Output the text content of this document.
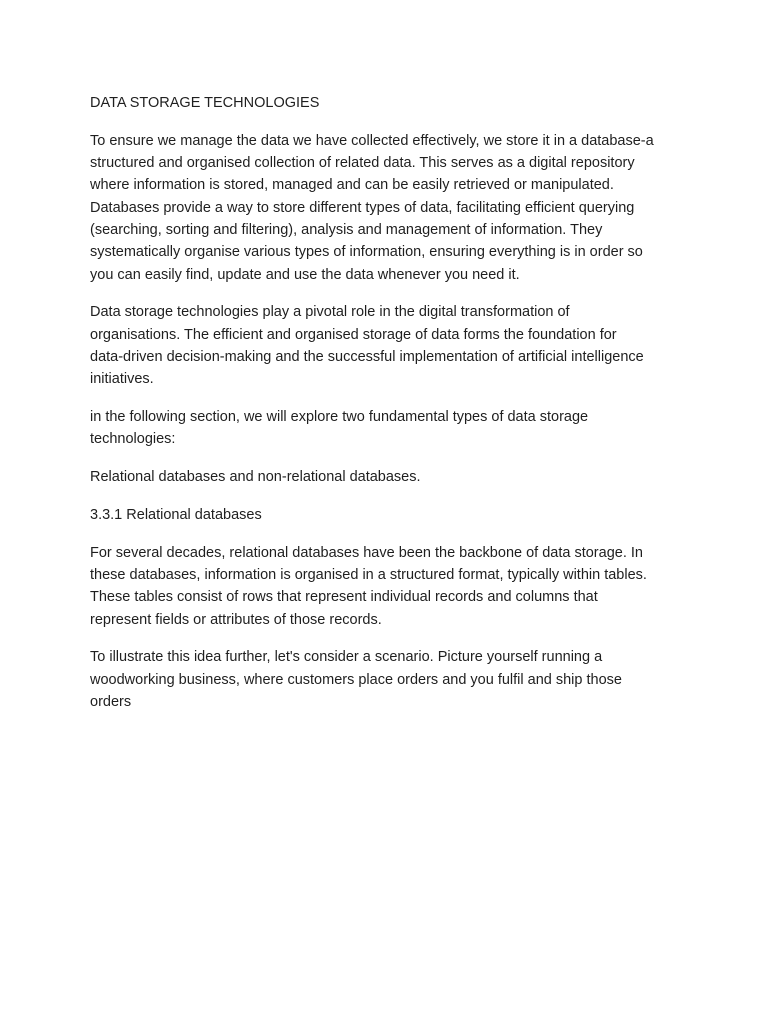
DATA STORAGE TECHNOLOGIES
To ensure we manage the data we have collected effectively, we store it in a database-a
structured and organised collection of related data. This serves as a digital repository
where information is stored, managed and can be easily retrieved or manipulated.
Databases provide a way to store different types of data, facilitating efficient querying
(searching, sorting and filtering), analysis and management of information. They
systematically organise various types of information, ensuring everything is in order so
you can easily find, update and use the data whenever you need it.
Data storage technologies play a pivotal role in the digital transformation of
organisations. The efficient and organised storage of data forms the foundation for
data-driven decision-making and the successful implementation of artificial intelligence
initiatives.
in the following section, we will explore two fundamental types of data storage
technologies:
Relational databases and non-relational databases.
3.3.1 Relational databases
For several decades, relational databases have been the backbone of data storage. In
these databases, information is organised in a structured format, typically within tables.
These tables consist of rows that represent individual records and columns that
represent fields or attributes of those records.
To illustrate this idea further, let's consider a scenario. Picture yourself running a
woodworking business, where customers place orders and you fulfil and ship those
orders
